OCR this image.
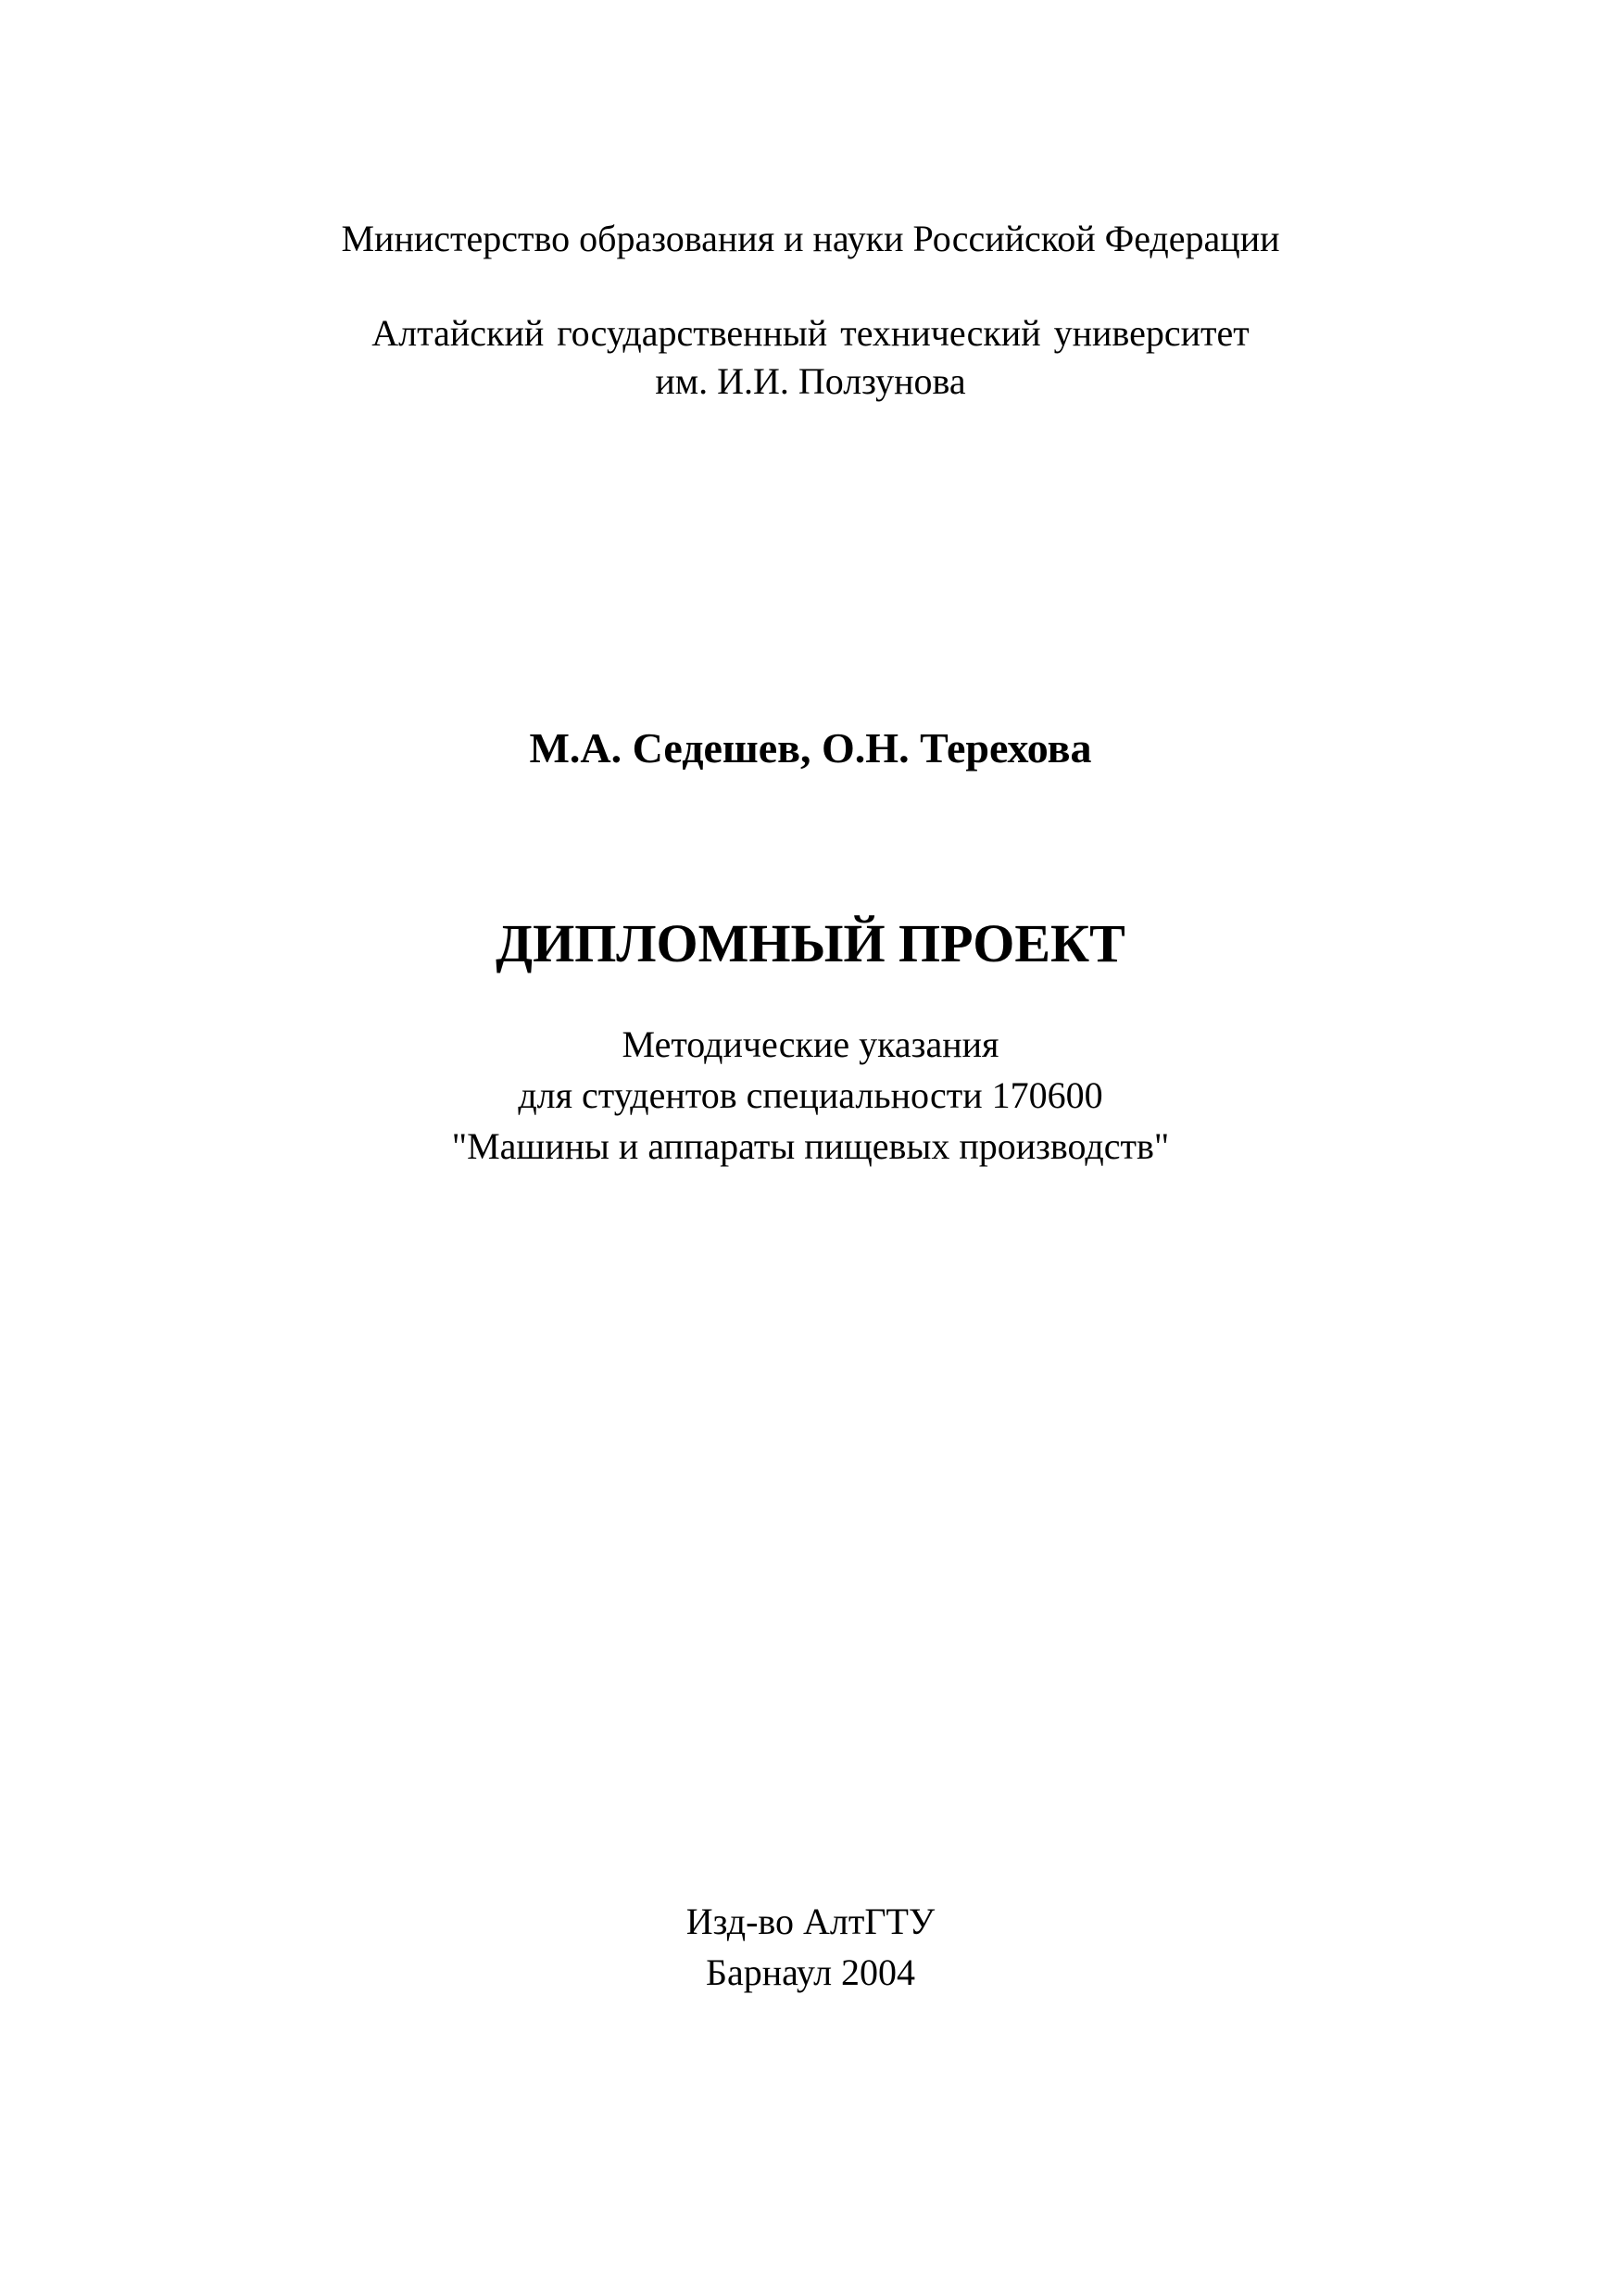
Министерство образования и науки Российской Федерации
Алтайский государственный технический университет
им. И.И. Ползунова
М.А. Седешев, О.Н. Терехова
ДИПЛОМНЫЙ ПРОЕКТ
Методические указания
для студентов специальности 170600
"Машины и аппараты пищевых производств"
Изд-во АлтГТУ
Барнаул 2004
